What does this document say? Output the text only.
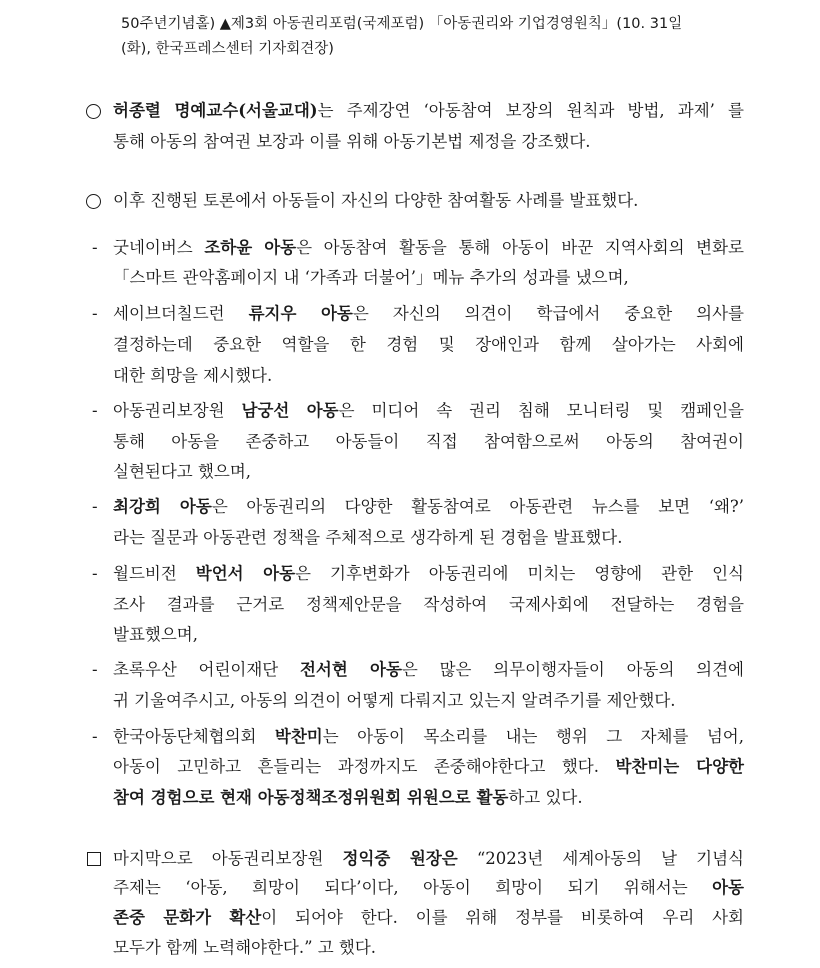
50주년기념홀) ▲제3회 아동권리포럼(국제포럼) 「아동권리와 기업경영원칙」(10. 31일
(화), 한국프레스센터 기자회견장)
허종렬 명예교수(서울교대)는 주제강연 ‘아동참여 보장의 원칙과 방법, 과제’ 를
통해 아동의 참여권 보장과 이를 위해 아동기본법 제정을 강조했다.
이후 진행된 토론에서 아동들이 자신의 다양한 참여활동 사례를 발표했다.
- 굿네이버스 조하윤 아동은 아동참여 활동을 통해 아동이 바꾼 지역사회의 변화로
「스마트 관악홈페이지 내 ‘가족과 더불어’」메뉴 추가의 성과를 냈으며,
- 세이브더칠드런 류지우 아동은 자신의 의견이 학급에서 중요한 의사를
결정하는데 중요한 역할을 한 경험 및 장애인과 함께 살아가는 사회에
대한 희망을 제시했다.
- 아동권리보장원 남궁선 아동은 미디어 속 권리 침해 모니터링 및 캠페인을
통해 아동을 존중하고 아동들이 직접 참여함으로써 아동의 참여권이
실현된다고 했으며,
- 최강희 아동은 아동권리의 다양한 활동참여로 아동관련 뉴스를 보면 ‘왜?’
라는 질문과 아동관련 정책을 주체적으로 생각하게 된 경험을 발표했다.
- 월드비전 박언서 아동은 기후변화가 아동권리에 미치는 영향에 관한 인식
조사 결과를 근거로 정책제안문을 작성하여 국제사회에 전달하는 경험을
발표했으며,
- 초록우산 어린이재단 전서현 아동은 많은 의무이행자들이 아동의 의견에
귀 기울여주시고, 아동의 의견이 어떻게 다뤄지고 있는지 알려주기를 제안했다.
- 한국아동단체협의회 박찬미는 아동이 목소리를 내는 행위 그 자체를 넘어,
아동이 고민하고 흔들리는 과정까지도 존중해야한다고 했다. 박찬미는 다양한
참여 경험으로 현재 아동정책조정위원회 위원으로 활동하고 있다.
마지막으로 아동권리보장원 정익중 원장은 “2023년 세계아동의 날 기념식
주제는 ‘아동, 희망이 되다’이다, 아동이 희망이 되기 위해서는 아동
존중 문화가 확산이 되어야 한다. 이를 위해 정부를 비롯하여 우리 사회
모두가 함께 노력해야한다.” 고 했다.
